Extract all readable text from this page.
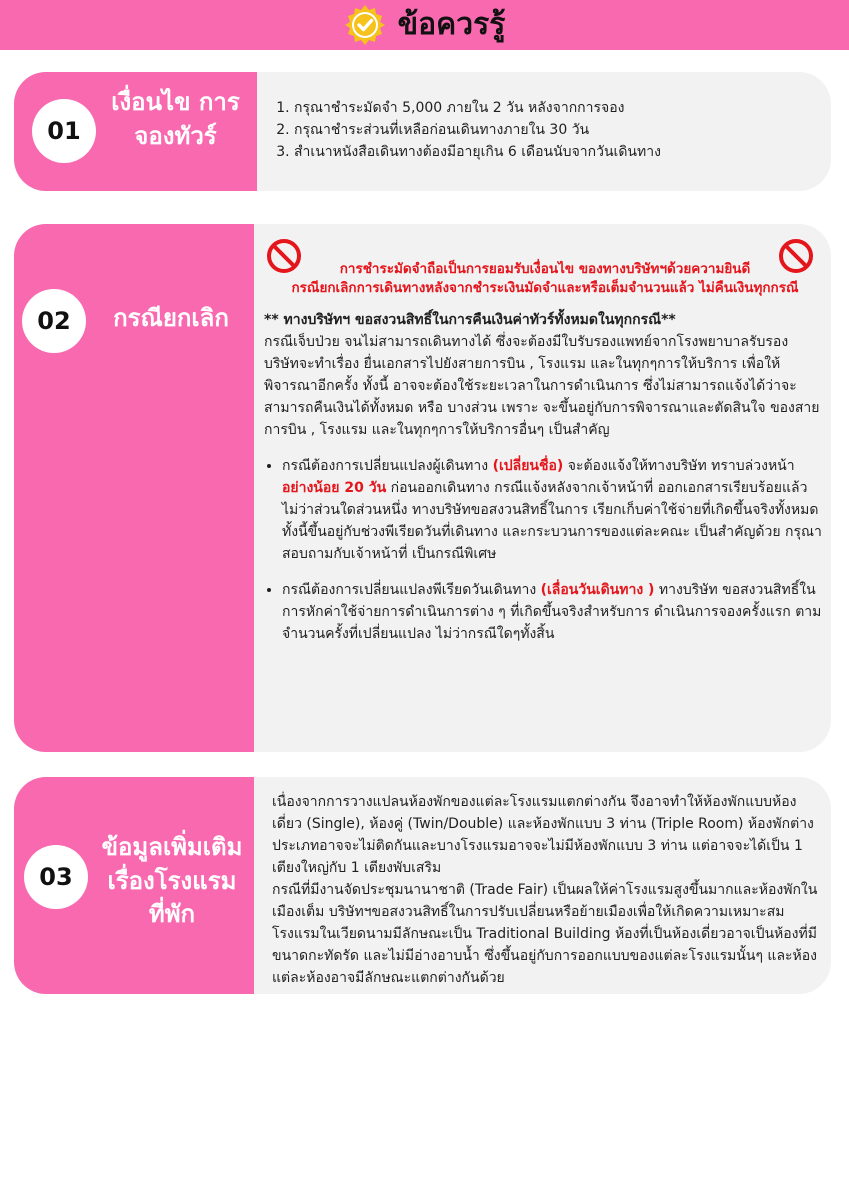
ข้อควรรู้
01
เงื่อนไข การจองทัวร์
1. กรุณาชำระมัดจำ 5,000 ภายใน 2 วัน หลังจากการจอง
2. กรุณาชำระส่วนที่เหลือก่อนเดินทางภายใน 30 วัน
3. สำเนาหนังสือเดินทางต้องมีอายุเกิน 6 เดือนนับจากวันเดินทาง
02	กรณียกเลิก
การชำระมัดจำถือเป็นการยอมรับเงื่อนไข ของทางบริษัทฯด้วยความยินดี
กรณียกเลิกการเดินทางหลังจากชำระเงินมัดจำและหรือเต็มจำนวนแล้ว ไม่คืนเงินทุกกรณี
** ทางบริษัทฯ ขอสงวนสิทธิ์ในการคืนเงินค่าทัวร์ทั้งหมดในทุกกรณี**
กรณีเจ็บป่วย จนไม่สามารถเดินทางได้ ซึ่งจะต้องมีใบรับรองแพทย์จากโรงพยาบาลรับรอง บริษัทจะทำเรื่อง ยื่นเอกสารไปยังสายการบิน , โรงแรม และในทุกๆการให้บริการ เพื่อให้พิจารณาอีกครั้ง ทั้งนี้ อาจจะต้องใช้ระยะเวลาในการดำเนินการ ซึ่งไม่สามารถแจ้งได้ว่าจะสามารถคืนเงินได้ทั้งหมด หรือ บางส่วน เพราะ จะขึ้นอยู่กับการพิจารณาและตัดสินใจ ของสายการบิน , โรงแรม และในทุกๆการให้บริการอื่นๆ เป็นสำคัญ
• กรณีต้องการเปลี่ยนแปลงผู้เดินทาง (เปลี่ยนชื่อ) จะต้องแจ้งให้ทางบริษัท ทราบล่วงหน้า อย่างน้อย 20 วัน ก่อนออกเดินทาง กรณีแจ้งหลังจากเจ้าหน้าที่ ออกเอกสารเรียบร้อยแล้ว ไม่ว่าส่วนใดส่วนหนึ่ง ทางบริษัทขอสงวนสิทธิ์ในการ เรียกเก็บค่าใช้จ่ายที่เกิดขึ้นจริงทั้งหมด ทั้งนี้ขึ้นอยู่กับช่วงพีเรียดวันที่เดินทาง และกระบวนการของแต่ละคณะ เป็นสำคัญด้วย กรุณาสอบถามกับเจ้าหน้าที่ เป็นกรณีพิเศษ
• กรณีต้องการเปลี่ยนแปลงพีเรียดวันเดินทาง (เลื่อนวันเดินทาง ) ทางบริษัท ขอสงวนสิทธิ์ในการหักค่าใช้จ่ายการดำเนินการต่าง ๆ ที่เกิดขึ้นจริงสำหรับการ ดำเนินการจองครั้งแรก ตามจำนวนครั้งที่เปลี่ยนแปลง ไม่ว่ากรณีใดๆทั้งสิ้น
03
ข้อมูลเพิ่มเติม เรื่องโรงแรม ที่พัก
เนื่องจากการวางแปลนห้องพักของแต่ละโรงแรมแตกต่างกัน จึงอาจทำให้ห้องพักแบบห้องเดี่ยว (Single), ห้องคู่ (Twin/Double) และห้องพักแบบ 3 ท่าน (Triple Room) ห้องพักต่างประเภทอาจจะไม่ติดกันและบางโรงแรมอาจจะไม่มีห้องพักแบบ 3 ท่าน แต่อาจจะได้เป็น 1 เตียงใหญ่กับ 1 เตียงพับเสริม
กรณีที่มีงานจัดประชุมนานาชาติ (Trade Fair) เป็นผลให้ค่าโรงแรมสูงขึ้นมากและห้องพักในเมืองเต็ม บริษัทฯขอสงวนสิทธิ์ในการปรับเปลี่ยนหรือย้ายเมืองเพื่อให้เกิดความเหมาะสม โรงแรมในเวียดนามมีลักษณะเป็น Traditional Building ห้องที่เป็นห้องเดี่ยวอาจเป็นห้องที่มีขนาดกะทัดรัด และไม่มีอ่างอาบน้ำ ซึ่งขึ้นอยู่กับการออกแบบของแต่ละโรงแรมนั้นๆ และห้องแต่ละห้องอาจมีลักษณะแตกต่างกันด้วย
